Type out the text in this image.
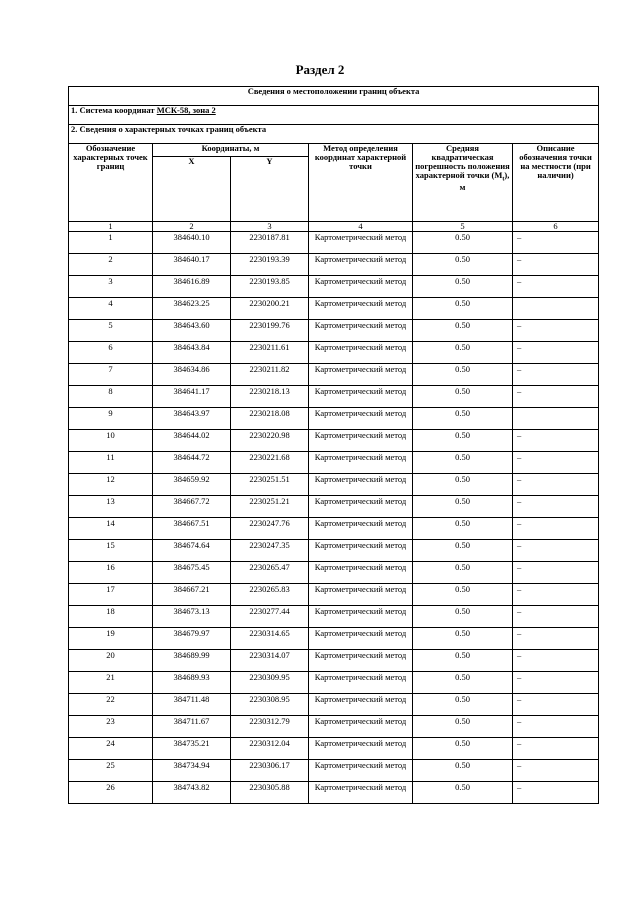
Раздел 2
Сведения о местоположении границ объекта					
1. Система координат МСК-58, зона 2					
2. Сведения о характерных точках границ объекта					
Обозначение характерных точек границ	Координаты, м		Метод определения координат характерной точки	Средняя квадратическая погрешность положения характерной точки $(M_t)$, м	Описание обозначения точки на местности (при наличии)
	X	Y			
1	2	3	4	5	6
1	384640.10	2230187.81	Картометрический метод	0.50	–
2	384640.17	2230193.39	Картометрический метод	0.50	–
3	384616.89	2230193.85	Картометрический метод	0.50	–
4	384623.25	2230200.21	Картометрический метод	0.50	
5	384643.60	2230199.76	Картометрический метод	0.50	–
6	384643.84	2230211.61	Картометрический метод	0.50	–
7	384634.86	2230211.82	Картометрический метод	0.50	–
8	384641.17	2230218.13	Картометрический метод	0.50	–
9	384643.97	2230218.08	Картометрический метод	0.50	
10	384644.02	2230220.98	Картометрический метод	0.50	–
11	384644.72	2230221.68	Картометрический метод	0.50	–
12	384659.92	2230251.51	Картометрический метод	0.50	–
13	384667.72	2230251.21	Картометрический метод	0.50	–
14	384667.51	2230247.76	Картометрический метод	0.50	–
15	384674.64	2230247.35	Картометрический метод	0.50	–
16	384675.45	2230265.47	Картометрический метод	0.50	–
17	384667.21	2230265.83	Картометрический метод	0.50	–
18	384673.13	2230277.44	Картометрический метод	0.50	–
19	384679.97	2230314.65	Картометрический метод	0.50	–
20	384689.99	2230314.07	Картометрический метод	0.50	–
21	384689.93	2230309.95	Картометрический метод	0.50	–
22	384711.48	2230308.95	Картометрический метод	0.50	–
23	384711.67	2230312.79	Картометрический метод	0.50	–
24	384735.21	2230312.04	Картометрический метод	0.50	–
25	384734.94	2230306.17	Картометрический метод	0.50	–
26	384743.82	2230305.88	Картометрический метод	0.50	–
